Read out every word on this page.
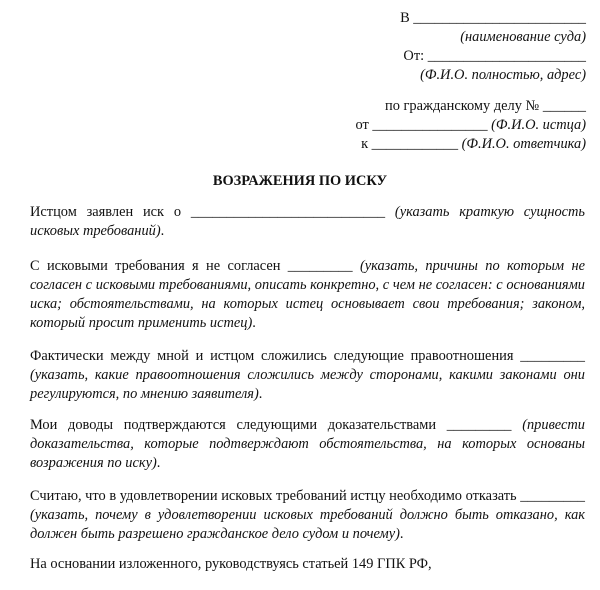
В ________________________
(наименование суда)
От: ______________________
(Ф.И.О. полностью, адрес)
по гражданскому делу № ______
от ________________ (Ф.И.О. истца)
к ____________ (Ф.И.О. ответчика)
ВОЗРАЖЕНИЯ ПО ИСКУ
Истцом заявлен иск о ___________________________ (указать краткую сущность исковых требований).
С исковыми требования я не согласен _________ (указать, причины по которым не согласен с исковыми требованиями, описать конкретно, с чем не согласен: с основаниями иска; обстоятельствами, на которых истец основывает свои требования; законом, который просит применить истец).
Фактически между мной и истцом сложились следующие правоотношения _________ (указать, какие правоотношения сложились между сторонами, какими законами они регулируются, по мнению заявителя).
Мои доводы подтверждаются следующими доказательствами _________ (привести доказательства, которые подтверждают обстоятельства, на которых основаны возражения по иску).
Считаю, что в удовлетворении исковых требований истцу необходимо отказать _________ (указать, почему в удовлетворении исковых требований должно быть отказано, как должен быть разрешено гражданское дело судом и почему).
На основании изложенного, руководствуясь статьей 149 ГПК РФ,
